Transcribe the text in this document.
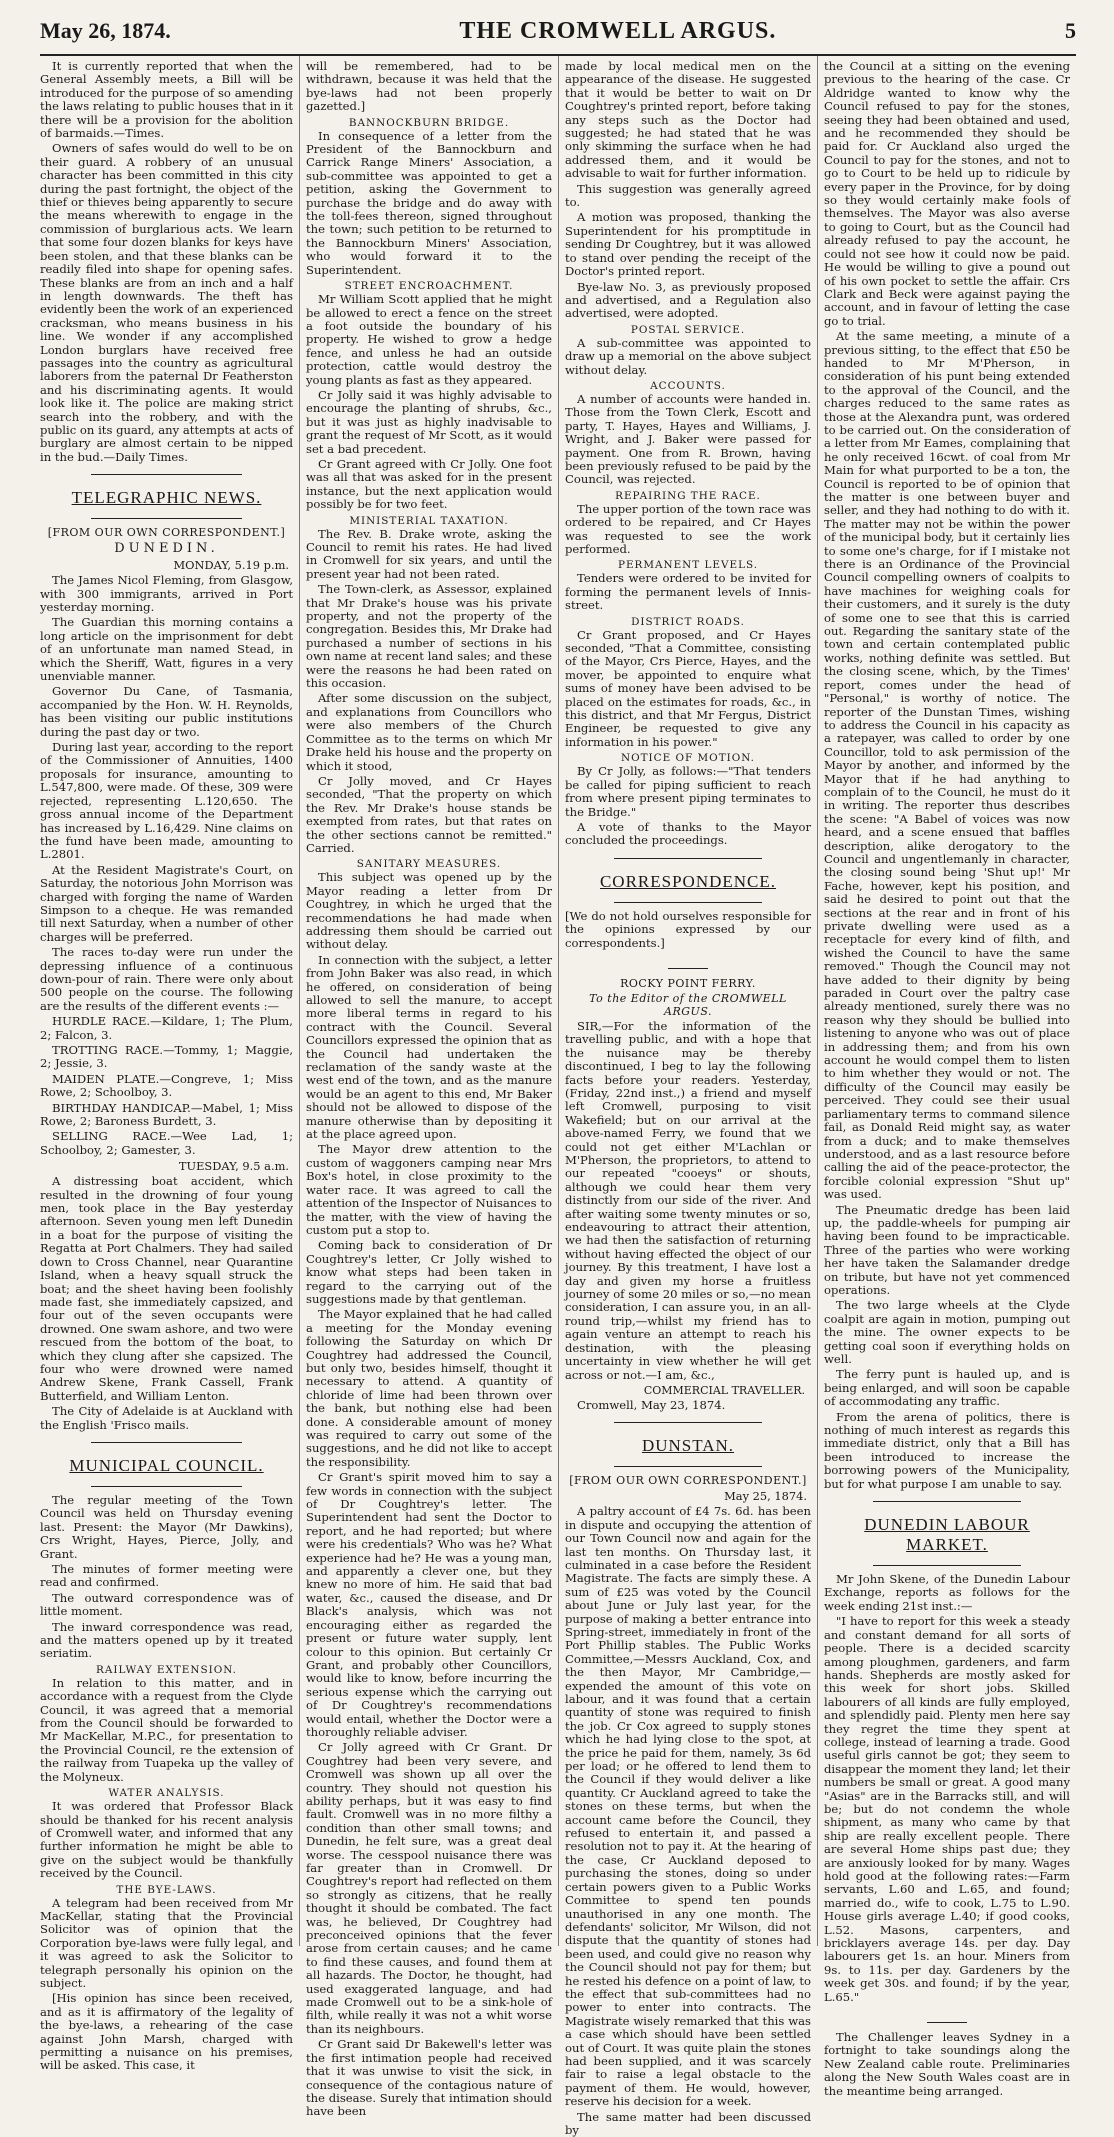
May 26, 1874.	THE CROMWELL ARGUS.	5

It is currently reported that when the General Assembly meets, a Bill will be introduced for the purpose of so amending the laws relating to public houses that in it there will be a provision for the abolition of barmaids.—Times.

Owners of safes would do well to be on their guard. A robbery of an unusual character has been committed in this city during the past fortnight, the object of the thief or thieves being apparently to secure the means wherewith to engage in the commission of burglarious acts. We learn that some four dozen blanks for keys have been stolen, and that these blanks can be readily filed into shape for opening safes. These blanks are from an inch and a half in length downwards. The theft has evidently been the work of an experienced cracksman, who means business in his line. We wonder if any accomplished London burglars have received free passages into the country as agricultural laborers from the paternal Dr Featherston and his discriminating agents. It would look like it. The police are making strict search into the robbery, and with the public on its guard, any attempts at acts of burglary are almost certain to be nipped in the bud.—Daily Times.

TELEGRAPHIC NEWS.
[FROM OUR OWN CORRESPONDENT.]
DUNEDIN.
MONDAY, 5.19 p.m.

The James Nicol Fleming, from Glasgow, with 300 immigrants, arrived in Port yesterday morning.

The Guardian this morning contains a long article on the imprisonment for debt of an unfortunate man named Stead, in which the Sheriff, Watt, figures in a very unenviable manner.

Governor Du Cane, of Tasmania, accompanied by the Hon. W. H. Reynolds, has been visiting our public institutions during the past day or two.

During last year, according to the report of the Commissioner of Annuities, 1400 proposals for insurance, amounting to L.547,800, were made. Of these, 309 were rejected, representing L.120,650. The gross annual income of the Department has increased by L.16,429. Nine claims on the fund have been made, amounting to L.2801.

At the Resident Magistrate's Court, on Saturday, the notorious John Morrison was charged with forging the name of Warden Simpson to a cheque. He was remanded till next Saturday, when a number of other charges will be preferred.

The races to-day were run under the depressing influence of a continuous down-pour of rain. There were only about 500 people on the course. The following are the results of the different events :—

HURDLE RACE.—Kildare, 1; The Plum, 2; Falcon, 3.

TROTTING RACE.—Tommy, 1; Maggie, 2; Jessie, 3.

MAIDEN PLATE.—Congreve, 1; Miss Rowe, 2; Schoolboy, 3.

BIRTHDAY HANDICAP.—Mabel, 1; Miss Rowe, 2; Baroness Burdett, 3.

SELLING RACE.—Wee Lad, 1; Schoolboy, 2; Gamester, 3.

TUESDAY, 9.5 a.m.

A distressing boat accident, which resulted in the drowning of four young men, took place in the Bay yesterday afternoon. Seven young men left Dunedin in a boat for the purpose of visiting the Regatta at Port Chalmers. They had sailed down to Cross Channel, near Quarantine Island, when a heavy squall struck the boat; and the sheet having been foolishly made fast, she immediately capsized, and four out of the seven occupants were drowned. One swam ashore, and two were rescued from the bottom of the boat, to which they clung after she capsized. The four who were drowned were named Andrew Skene, Frank Cassell, Frank Butterfield, and William Lenton.

The City of Adelaide is at Auckland with the English 'Frisco mails.

MUNICIPAL COUNCIL.

The regular meeting of the Town Council was held on Thursday evening last. Present: the Mayor (Mr Dawkins), Crs Wright, Hayes, Pierce, Jolly, and Grant.

The minutes of former meeting were read and confirmed.

The outward correspondence was of little moment.

The inward correspondence was read, and the matters opened up by it treated seriatim.

RAILWAY EXTENSION.

In relation to this matter, and in accordance with a request from the Clyde Council, it was agreed that a memorial from the Council should be forwarded to Mr MacKellar, M.P.C., for presentation to the Provincial Council, re the extension of the railway from Tuapeka up the valley of the Molyneux.

WATER ANALYSIS.

It was ordered that Professor Black should be thanked for his recent analysis of Cromwell water, and informed that any further information he might be able to give on the subject would be thankfully received by the Council.

THE BYE-LAWS.

A telegram had been received from Mr MacKellar, stating that the Provincial Solicitor was of opinion that the Corporation bye-laws were fully legal, and it was agreed to ask the Solicitor to telegraph personally his opinion on the subject.

[His opinion has since been received, and as it is affirmatory of the legality of the bye-laws, a rehearing of the case against John Marsh, charged with permitting a nuisance on his premises, will be asked. This case, it

will be remembered, had to be withdrawn, because it was held that the bye-laws had not been properly gazetted.]

BANNOCKBURN BRIDGE.

In consequence of a letter from the President of the Bannockburn and Carrick Range Miners' Association, a sub-committee was appointed to get a petition, asking the Government to purchase the bridge and do away with the toll-fees thereon, signed throughout the town; such petition to be returned to the Bannockburn Miners' Association, who would forward it to the Superintendent.

STREET ENCROACHMENT.

Mr William Scott applied that he might be allowed to erect a fence on the street a foot outside the boundary of his property. He wished to grow a hedge fence, and unless he had an outside protection, cattle would destroy the young plants as fast as they appeared.

Cr Jolly said it was highly advisable to encourage the planting of shrubs, &c., but it was just as highly inadvisable to grant the request of Mr Scott, as it would set a bad precedent.

Cr Grant agreed with Cr Jolly. One foot was all that was asked for in the present instance, but the next application would possibly be for two feet.

MINISTERIAL TAXATION.

The Rev. B. Drake wrote, asking the Council to remit his rates. He had lived in Cromwell for six years, and until the present year had not been rated.

The Town-clerk, as Assessor, explained that Mr Drake's house was his private property, and not the property of the congregation. Besides this, Mr Drake had purchased a number of sections in his own name at recent land sales; and these were the reasons he had been rated on this occasion.

After some discussion on the subject, and explanations from Councillors who were also members of the Church Committee as to the terms on which Mr Drake held his house and the property on which it stood,

Cr Jolly moved, and Cr Hayes seconded, "That the property on which the Rev. Mr Drake's house stands be exempted from rates, but that rates on the other sections cannot be remitted." Carried.

SANITARY MEASURES.

This subject was opened up by the Mayor reading a letter from Dr Coughtrey, in which he urged that the recommendations he had made when addressing them should be carried out without delay.

In connection with the subject, a letter from John Baker was also read, in which he offered, on consideration of being allowed to sell the manure, to accept more liberal terms in regard to his contract with the Council. Several Councillors expressed the opinion that as the Council had undertaken the reclamation of the sandy waste at the west end of the town, and as the manure would be an agent to this end, Mr Baker should not be allowed to dispose of the manure otherwise than by depositing it at the place agreed upon.

The Mayor drew attention to the custom of waggoners camping near Mrs Box's hotel, in close proximity to the water race. It was agreed to call the attention of the Inspector of Nuisances to the matter, with the view of having the custom put a stop to.

Coming back to consideration of Dr Coughtrey's letter, Cr Jolly wished to know what steps had been taken in regard to the carrying out of the suggestions made by that gentleman.

The Mayor explained that he had called a meeting for the Monday evening following the Saturday on which Dr Coughtrey had addressed the Council, but only two, besides himself, thought it necessary to attend. A quantity of chloride of lime had been thrown over the bank, but nothing else had been done. A considerable amount of money was required to carry out some of the suggestions, and he did not like to accept the responsibility.

Cr Grant's spirit moved him to say a few words in connection with the subject of Dr Coughtrey's letter. The Superintendent had sent the Doctor to report, and he had reported; but where were his credentials? Who was he? What experience had he? He was a young man, and apparently a clever one, but they knew no more of him. He said that bad water, &c., caused the disease, and Dr Black's analysis, which was not encouraging either as regarded the present or future water supply, lent colour to this opinion. But certainly Cr Grant, and probably other Councillors, would like to know, before incurring the serious expense which the carrying out of Dr Coughtrey's recommendations would entail, whether the Doctor were a thoroughly reliable adviser.

Cr Jolly agreed with Cr Grant. Dr Coughtrey had been very severe, and Cromwell was shown up all over the country. They should not question his ability perhaps, but it was easy to find fault. Cromwell was in no more filthy a condition than other small towns; and Dunedin, he felt sure, was a great deal worse. The cesspool nuisance there was far greater than in Cromwell. Dr Coughtrey's report had reflected on them so strongly as citizens, that he really thought it should be combated. The fact was, he believed, Dr Coughtrey had preconceived opinions that the fever arose from certain causes; and he came to find these causes, and found them at all hazards. The Doctor, he thought, had used exaggerated language, and had made Cromwell out to be a sink-hole of filth, while really it was not a whit worse than its neighbours.

Cr Grant said Dr Bakewell's letter was the first intimation people had received that it was unwise to visit the sick, in consequence of the contagious nature of the disease. Surely that intimation should have been

made by local medical men on the appearance of the disease. He suggested that it would be better to wait on Dr Coughtrey's printed report, before taking any steps such as the Doctor had suggested; he had stated that he was only skimming the surface when he had addressed them, and it would be advisable to wait for further information.

This suggestion was generally agreed to.

A motion was proposed, thanking the Superintendent for his promptitude in sending Dr Coughtrey, but it was allowed to stand over pending the receipt of the Doctor's printed report.

Bye-law No. 3, as previously proposed and advertised, and a Regulation also advertised, were adopted.

POSTAL SERVICE.

A sub-committee was appointed to draw up a memorial on the above subject without delay.

ACCOUNTS.

A number of accounts were handed in. Those from the Town Clerk, Escott and party, T. Hayes, Hayes and Williams, J. Wright, and J. Baker were passed for payment. One from R. Brown, having been previously refused to be paid by the Council, was rejected.

REPAIRING THE RACE.

The upper portion of the town race was ordered to be repaired, and Cr Hayes was requested to see the work performed.

PERMANENT LEVELS.

Tenders were ordered to be invited for forming the permanent levels of Innis-street.

DISTRICT ROADS.

Cr Grant proposed, and Cr Hayes seconded, "That a Committee, consisting of the Mayor, Crs Pierce, Hayes, and the mover, be appointed to enquire what sums of money have been advised to be placed on the estimates for roads, &c., in this district, and that Mr Fergus, District Engineer, be requested to give any information in his power."

NOTICE OF MOTION.

By Cr Jolly, as follows:—"That tenders be called for piping sufficient to reach from where present piping terminates to the Bridge."

A vote of thanks to the Mayor concluded the proceedings.

CORRESPONDENCE.

[We do not hold ourselves responsible for the opinions expressed by our correspondents.]

ROCKY POINT FERRY.
To the Editor of the CROMWELL ARGUS.

SIR,—For the information of the travelling public, and with a hope that the nuisance may be thereby discontinued, I beg to lay the following facts before your readers. Yesterday, (Friday, 22nd inst.,) a friend and myself left Cromwell, purposing to visit Wakefield; but on our arrival at the above-named Ferry, we found that we could not get either M'Lachlan or M'Pherson, the proprietors, to attend to our repeated "cooeys" or shouts, although we could hear them very distinctly from our side of the river. And after waiting some twenty minutes or so, endeavouring to attract their attention, we had then the satisfaction of returning without having effected the object of our journey. By this treatment, I have lost a day and given my horse a fruitless journey of some 20 miles or so,—no mean consideration, I can assure you, in an all-round trip,—whilst my friend has to again venture an attempt to reach his destination, with the pleasing uncertainty in view whether he will get across or not.—I am, &c.,

COMMERCIAL TRAVELLER.

Cromwell, May 23, 1874.

DUNSTAN.
[FROM OUR OWN CORRESPONDENT.]
May 25, 1874.

A paltry account of £4 7s. 6d. has been in dispute and occupying the attention of our Town Council now and again for the last ten months. On Thursday last, it culminated in a case before the Resident Magistrate. The facts are simply these. A sum of £25 was voted by the Council about June or July last year, for the purpose of making a better entrance into Spring-street, immediately in front of the Port Phillip stables. The Public Works Committee,—Messrs Auckland, Cox, and the then Mayor, Mr Cambridge,—expended the amount of this vote on labour, and it was found that a certain quantity of stone was required to finish the job. Cr Cox agreed to supply stones which he had lying close to the spot, at the price he paid for them, namely, 3s 6d per load; or he offered to lend them to the Council if they would deliver a like quantity. Cr Auckland agreed to take the stones on these terms, but when the account came before the Council, they refused to entertain it, and passed a resolution not to pay it. At the hearing of the case, Cr Auckland deposed to purchasing the stones, doing so under certain powers given to a Public Works Committee to spend ten pounds unauthorised in any one month. The defendants' solicitor, Mr Wilson, did not dispute that the quantity of stones had been used, and could give no reason why the Council should not pay for them; but he rested his defence on a point of law, to the effect that sub-committees had no power to enter into contracts. The Magistrate wisely remarked that this was a case which should have been settled out of Court. It was quite plain the stones had been supplied, and it was scarcely fair to raise a legal obstacle to the payment of them. He would, however, reserve his decision for a week.

The same matter had been discussed by

the Council at a sitting on the evening previous to the hearing of the case. Cr Aldridge wanted to know why the Council refused to pay for the stones, seeing they had been obtained and used, and he recommended they should be paid for. Cr Auckland also urged the Council to pay for the stones, and not to go to Court to be held up to ridicule by every paper in the Province, for by doing so they would certainly make fools of themselves. The Mayor was also averse to going to Court, but as the Council had already refused to pay the account, he could not see how it could now be paid. He would be willing to give a pound out of his own pocket to settle the affair. Crs Clark and Beck were against paying the account, and in favour of letting the case go to trial.

At the same meeting, a minute of a previous sitting, to the effect that £50 be handed to Mr M'Pherson, in consideration of his punt being extended to the approval of the Council, and the charges reduced to the same rates as those at the Alexandra punt, was ordered to be carried out. On the consideration of a letter from Mr Eames, complaining that he only received 16cwt. of coal from Mr Main for what purported to be a ton, the Council is reported to be of opinion that the matter is one between buyer and seller, and they had nothing to do with it. The matter may not be within the power of the municipal body, but it certainly lies to some one's charge, for if I mistake not there is an Ordinance of the Provincial Council compelling owners of coalpits to have machines for weighing coals for their customers, and it surely is the duty of some one to see that this is carried out. Regarding the sanitary state of the town and certain contemplated public works, nothing definite was settled. But the closing scene, which, by the Times' report, comes under the head of "Personal," is worthy of notice. The reporter of the Dunstan Times, wishing to address the Council in his capacity as a ratepayer, was called to order by one Councillor, told to ask permission of the Mayor by another, and informed by the Mayor that if he had anything to complain of to the Council, he must do it in writing. The reporter thus describes the scene: "A Babel of voices was now heard, and a scene ensued that baffles description, alike derogatory to the Council and ungentlemanly in character, the closing sound being 'Shut up!' Mr Fache, however, kept his position, and said he desired to point out that the sections at the rear and in front of his private dwelling were used as a receptacle for every kind of filth, and wished the Council to have the same removed." Though the Council may not have added to their dignity by being paraded in Court over the paltry case already mentioned, surely there was no reason why they should be bullied into listening to anyone who was out of place in addressing them; and from his own account he would compel them to listen to him whether they would or not. The difficulty of the Council may easily be perceived. They could see their usual parliamentary terms to command silence fail, as Donald Reid might say, as water from a duck; and to make themselves understood, and as a last resource before calling the aid of the peace-protector, the forcible colonial expression "Shut up" was used.

The Pneumatic dredge has been laid up, the paddle-wheels for pumping air having been found to be impracticable. Three of the parties who were working her have taken the Salamander dredge on tribute, but have not yet commenced operations.

The two large wheels at the Clyde coalpit are again in motion, pumping out the mine. The owner expects to be getting coal soon if everything holds on well.

The ferry punt is hauled up, and is being enlarged, and will soon be capable of accommodating any traffic.

From the arena of politics, there is nothing of much interest as regards this immediate district, only that a Bill has been introduced to increase the borrowing powers of the Municipality, but for what purpose I am unable to say.

DUNEDIN LABOUR MARKET.

Mr John Skene, of the Dunedin Labour Exchange, reports as follows for the week ending 21st inst.:—

"I have to report for this week a steady and constant demand for all sorts of people. There is a decided scarcity among ploughmen, gardeners, and farm hands. Shepherds are mostly asked for this week for short jobs. Skilled labourers of all kinds are fully employed, and splendidly paid. Plenty men here say they regret the time they spent at college, instead of learning a trade. Good useful girls cannot be got; they seem to disappear the moment they land; let their numbers be small or great. A good many "Asias" are in the Barracks still, and will be; but do not condemn the whole shipment, as many who came by that ship are really excellent people. There are several Home ships past due; they are anxiously looked for by many. Wages hold good at the following rates:—Farm servants, L.60 and L.65, and found; married do., wife to cook, L.75 to L.90. House girls average L.40; if good cooks, L.52. Masons, carpenters, and bricklayers average 14s. per day. Day labourers get 1s. an hour. Miners from 9s. to 11s. per day. Gardeners by the week get 30s. and found; if by the year, L.65."

The Challenger leaves Sydney in a fortnight to take soundings along the New Zealand cable route. Preliminaries along the New South Wales coast are in the meantime being arranged.
